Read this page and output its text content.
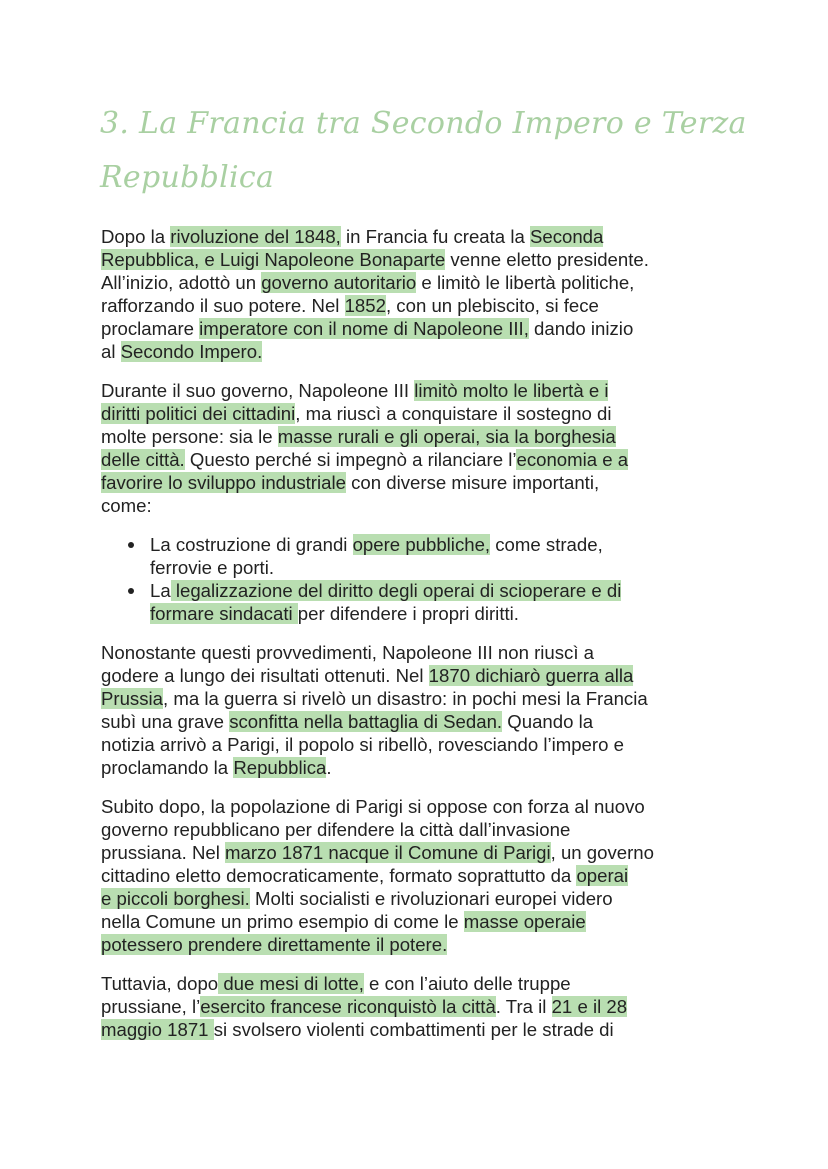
3. La Francia tra Secondo Impero e Terza
Repubblica
Dopo la rivoluzione del 1848, in Francia fu creata la Seconda
Repubblica, e Luigi Napoleone Bonaparte venne eletto presidente.
All’inizio, adottò un governo autoritario e limitò le libertà politiche,
rafforzando il suo potere. Nel 1852, con un plebiscito, si fece
proclamare imperatore con il nome di Napoleone III, dando inizio
al Secondo Impero.
Durante il suo governo, Napoleone III limitò molto le libertà e i
diritti politici dei cittadini, ma riuscì a conquistare il sostegno di
molte persone: sia le masse rurali e gli operai, sia la borghesia
delle città. Questo perché si impegnò a rilanciare l’economia e a
favorire lo sviluppo industriale con diverse misure importanti,
come:
La costruzione di grandi opere pubbliche, come strade,
ferrovie e porti.
La legalizzazione del diritto degli operai di scioperare e di
formare sindacati per difendere i propri diritti.
Nonostante questi provvedimenti, Napoleone III non riuscì a
godere a lungo dei risultati ottenuti. Nel 1870 dichiarò guerra alla
Prussia, ma la guerra si rivelò un disastro: in pochi mesi la Francia
subì una grave sconfitta nella battaglia di Sedan. Quando la
notizia arrivò a Parigi, il popolo si ribellò, rovesciando l’impero e
proclamando la Repubblica.
Subito dopo, la popolazione di Parigi si oppose con forza al nuovo
governo repubblicano per difendere la città dall’invasione
prussiana. Nel marzo 1871 nacque il Comune di Parigi, un governo
cittadino eletto democraticamente, formato soprattutto da operai
e piccoli borghesi. Molti socialisti e rivoluzionari europei videro
nella Comune un primo esempio di come le masse operaie
potessero prendere direttamente il potere.
Tuttavia, dopo due mesi di lotte, e con l’aiuto delle truppe
prussiane, l’esercito francese riconquistò la città. Tra il 21 e il 28
maggio 1871 si svolsero violenti combattimenti per le strade di
